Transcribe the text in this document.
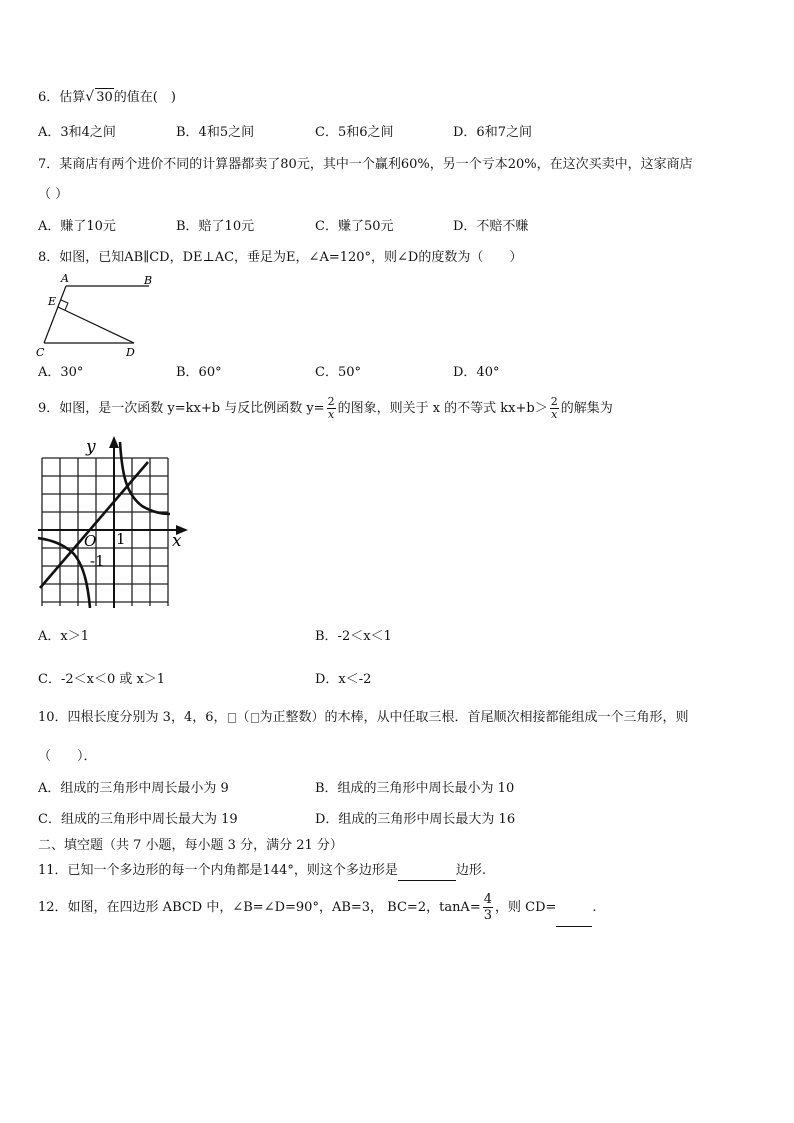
6．估算√ 30的值在(　)
A．3和4之间	B．4和5之间	C．5和6之间	D．6和7之间
7．某商店有两个进价不同的计算器都卖了80元，其中一个赢利60%，另一个亏本20%，在这次买卖中，这家商店
（ ）
A．赚了10元	B．赔了10元	C．赚了50元	D．不赔不赚
8．如图，已知AB∥CD，DE⊥AC，垂足为E，∠A=120°，则∠D的度数为（　　）
A	B
E
C	D
A．30°	B．60°	C．50°	D．40°
9．如图，是一次函数 y=kx+b 与反比例函数 $y= \frac{2}{x}$ 的图象，则关于 x 的不等式 $kx+b> \frac{2}{x}$ 的解集为
y
x
O 1
-1
A．x＞1	B．-2＜x＜1
C．-2＜x＜0 或 x＞1	D．x＜-2
10．四根长度分别为 3，4，6， （ 为正整数）的木棒，从中任取三根．首尾顺次相接都能组成一个三角形，则
（　　）．
A．组成的三角形中周长最小为 9	B．组成的三角形中周长最小为 10
C．组成的三角形中周长最大为 19	D．组成的三角形中周长最大为 16
二、填空题（共 7 小题，每小题 3 分，满分 21 分）
11．已知一个多边形的每一个内角都是144°，则这个多边形是	边形.
12．如图，在四边形 ABCD 中，∠B=∠D=90°，AB=3， BC=2，$\tan A= \frac{4}{3}$ ，则 CD=	.
